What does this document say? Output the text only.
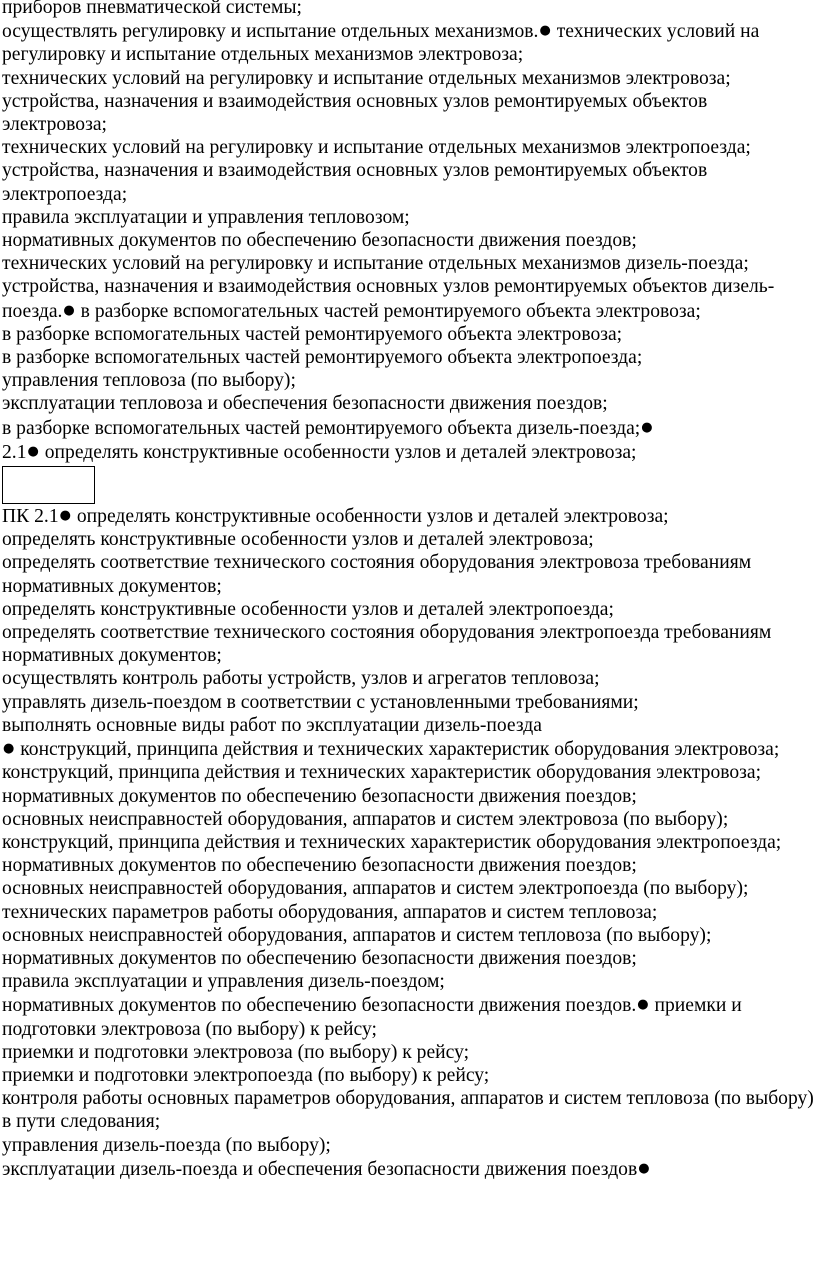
приборов пневматической системы;

осуществлять регулировку и испытание отдельных механизмов.● технических условий на регулировку и испытание отдельных механизмов электровоза;

технических условий на регулировку и испытание отдельных механизмов электровоза;

устройства, назначения и взаимодействия основных узлов ремонтируемых объектов электровоза;

технических условий на регулировку и испытание отдельных механизмов электропоезда;

устройства, назначения и взаимодействия основных узлов ремонтируемых объектов электропоезда;

правила эксплуатации и управления тепловозом;

нормативных документов по обеспечению безопасности движения поездов;

технических условий на регулировку и испытание отдельных механизмов дизель-поезда;

устройства, назначения и взаимодействия основных узлов ремонтируемых объектов дизель-поезда.● в разборке вспомогательных частей ремонтируемого объекта электровоза;

в разборке вспомогательных частей ремонтируемого объекта электровоза;

в разборке вспомогательных частей ремонтируемого объекта электропоезда;

управления тепловоза (по выбору);

эксплуатации тепловоза и обеспечения безопасности движения поездов;

в разборке вспомогательных частей ремонтируемого объекта дизель-поезда;●

2.1● определять конструктивные особенности узлов и деталей электровоза;

ПК 2.1● определять конструктивные особенности узлов и деталей электровоза;

определять конструктивные особенности узлов и деталей электровоза;

определять соответствие технического состояния оборудования электровоза требованиям нормативных документов;

определять конструктивные особенности узлов и деталей электропоезда;

определять соответствие технического состояния оборудования электропоезда требованиям нормативных документов;

осуществлять контроль работы устройств, узлов и агрегатов тепловоза;

управлять дизель-поездом в соответствии с установленными требованиями;

выполнять основные виды работ по эксплуатации дизель-поезда

● конструкций, принципа действия и технических характеристик оборудования электровоза;

конструкций, принципа действия и технических характеристик оборудования электровоза;

нормативных документов по обеспечению безопасности движения поездов;

основных неисправностей оборудования, аппаратов и систем электровоза (по выбору);

конструкций, принципа действия и технических характеристик оборудования электропоезда;

нормативных документов по обеспечению безопасности движения поездов;

основных неисправностей оборудования, аппаратов и систем электропоезда (по выбору);

технических параметров работы оборудования, аппаратов и систем тепловоза;

основных неисправностей оборудования, аппаратов и систем тепловоза (по выбору);

нормативных документов по обеспечению безопасности движения поездов;

правила эксплуатации и управления дизель-поездом;

нормативных документов по обеспечению безопасности движения поездов.● приемки и подготовки электровоза (по выбору) к рейсу;

приемки и подготовки электровоза (по выбору) к рейсу;

приемки и подготовки электропоезда (по выбору) к рейсу;

контроля работы основных параметров оборудования, аппаратов и систем тепловоза (по выбору) в пути следования;

управления дизель-поезда (по выбору);

эксплуатации дизель-поезда и обеспечения безопасности движения поездов●
